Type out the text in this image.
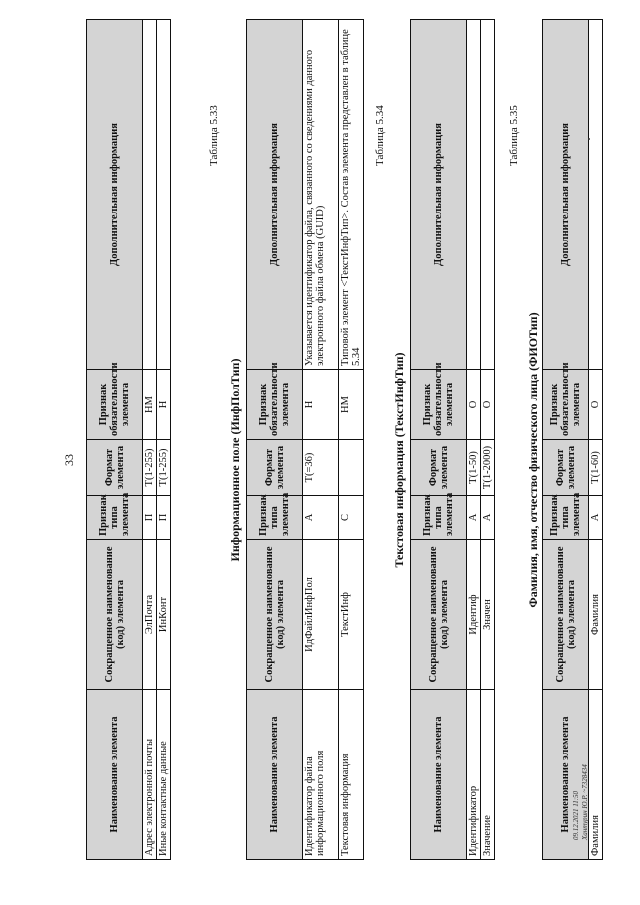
33
Наименование элемента	Сокращенное наименование (код) элемента	Признак типа элемента	Формат элемента	Признак обязательности элемента	Дополнительная информация
Адрес электронной почты	ЭлПочта	П	T(1-255)	НМ	
Иные контактные данные	ИнКонт	П	T(1-255)	Н	
Таблица 5.33
Информационное поле (ИнфПолТип)
Наименование элемента	Сокращенное наименование (код) элемента	Признак типа элемента	Формат элемента	Признак обязательности элемента	Дополнительная информация
Идентификатор файла информационного поля	ИдФайлИнфПол	А	T(=36)	Н	Указывается идентификатор файла, связанного со сведениями данного электронного файла обмена (GUID)
Текстовая информация	ТекстИнф	С		НМ	Типовой элемент <ТекстИнфТип>. Состав элемента представлен в таблице 5.34
Таблица 5.34
Текстовая информация (ТекстИнфТип)
Наименование элемента	Сокращенное наименование (код) элемента	Признак типа элемента	Формат элемента	Признак обязательности элемента	Дополнительная информация
Идентификатор	Идентиф	А	T(1-50)	О	
Значение	Значен	А	T(1-2000)	О	
Таблица 5.35
Фамилия, имя, отчество физического лица (ФИОТип)
Наименование элемента	Сокращенное наименование (код) элемента	Признак типа элемента	Формат элемента	Признак обязательности элемента	Дополнительная информация
Фамилия	Фамилия	А	T(1-60)	О	
09.12.2021 11:50 Хантурин Ю.Р. ~7328434
